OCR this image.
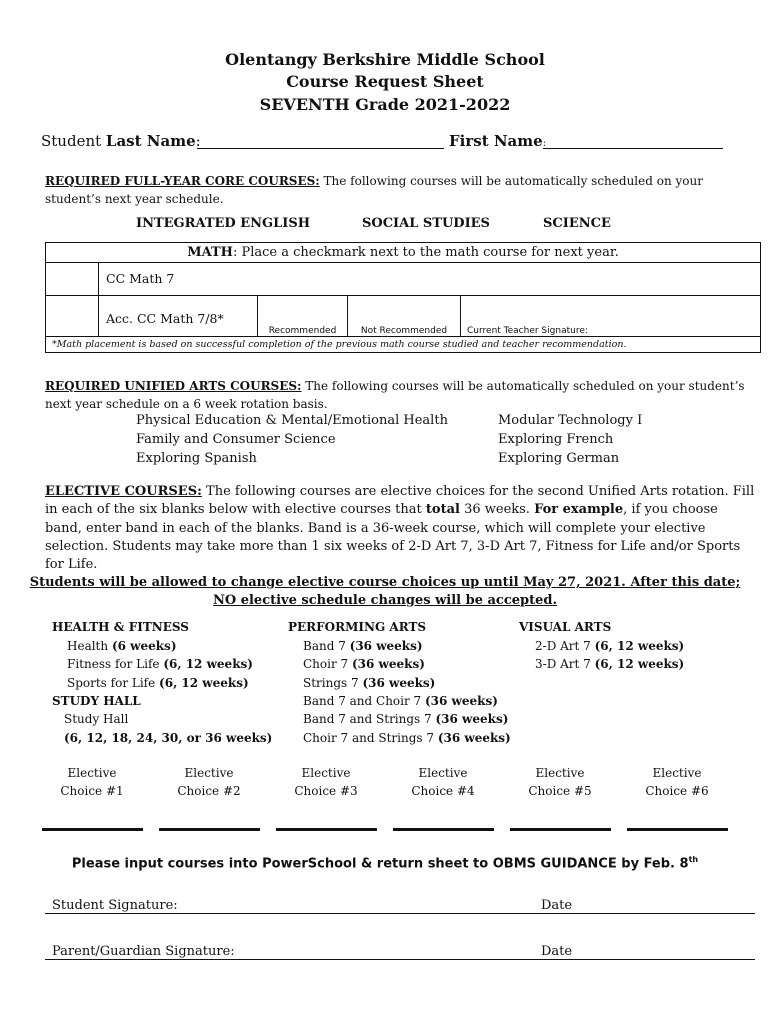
Olentangy Berkshire Middle School
Course Request Sheet
SEVENTH Grade 2021-2022
Student Last Name:	First Name:
REQUIRED FULL-YEAR CORE COURSES: The following courses will be automatically scheduled on your
student’s next year schedule.
INTEGRATED ENGLISH	SOCIAL STUDIES	SCIENCE
MATH: Place a checkmark next to the math course for next year.				
	CC Math 7			
	Acc. CC Math 7/8*	Recommended	Not Recommended	Current Teacher Signature:
*Math placement is based on successful completion of the previous math course studied and teacher recommendation.				
REQUIRED UNIFIED ARTS COURSES: The following courses will be automatically scheduled on your student’s
next year schedule on a 6 week rotation basis.
Physical Education & Mental/Emotional Health
Family and Consumer Science
Exploring Spanish
Modular Technology I
Exploring French
Exploring German
ELECTIVE COURSES: The following courses are elective choices for the second Unified Arts rotation. Fill
in each of the six blanks below with elective courses that total 36 weeks. For example, if you choose
band, enter band in each of the blanks. Band is a 36-week course, which will complete your elective
selection. Students may take more than 1 six weeks of 2-D Art 7, 3-D Art 7, Fitness for Life and/or Sports
for Life.
Students will be allowed to change elective course choices up until May 27, 2021. After this date;
NO elective schedule changes will be accepted.
HEALTH & FITNESS
Health (6 weeks)
Fitness for Life (6, 12 weeks)
Sports for Life (6, 12 weeks)
STUDY HALL
Study Hall
(6, 12, 18, 24, 30, or 36 weeks)
PERFORMING ARTS
Band 7 (36 weeks)
Choir 7 (36 weeks)
Strings 7 (36 weeks)
Band 7 and Choir 7 (36 weeks)
Band 7 and Strings 7 (36 weeks)
Choir 7 and Strings 7 (36 weeks)
VISUAL ARTS
2-D Art 7 (6, 12 weeks)
3-D Art 7 (6, 12 weeks)
Elective
Choice #1
Elective
Choice #2
Elective
Choice #3
Elective
Choice #4
Elective
Choice #5
Elective
Choice #6
Please input courses into PowerSchool & return sheet to OBMS GUIDANCE by Feb. 8th
Student Signature:	Date
Parent/Guardian Signature:	Date
